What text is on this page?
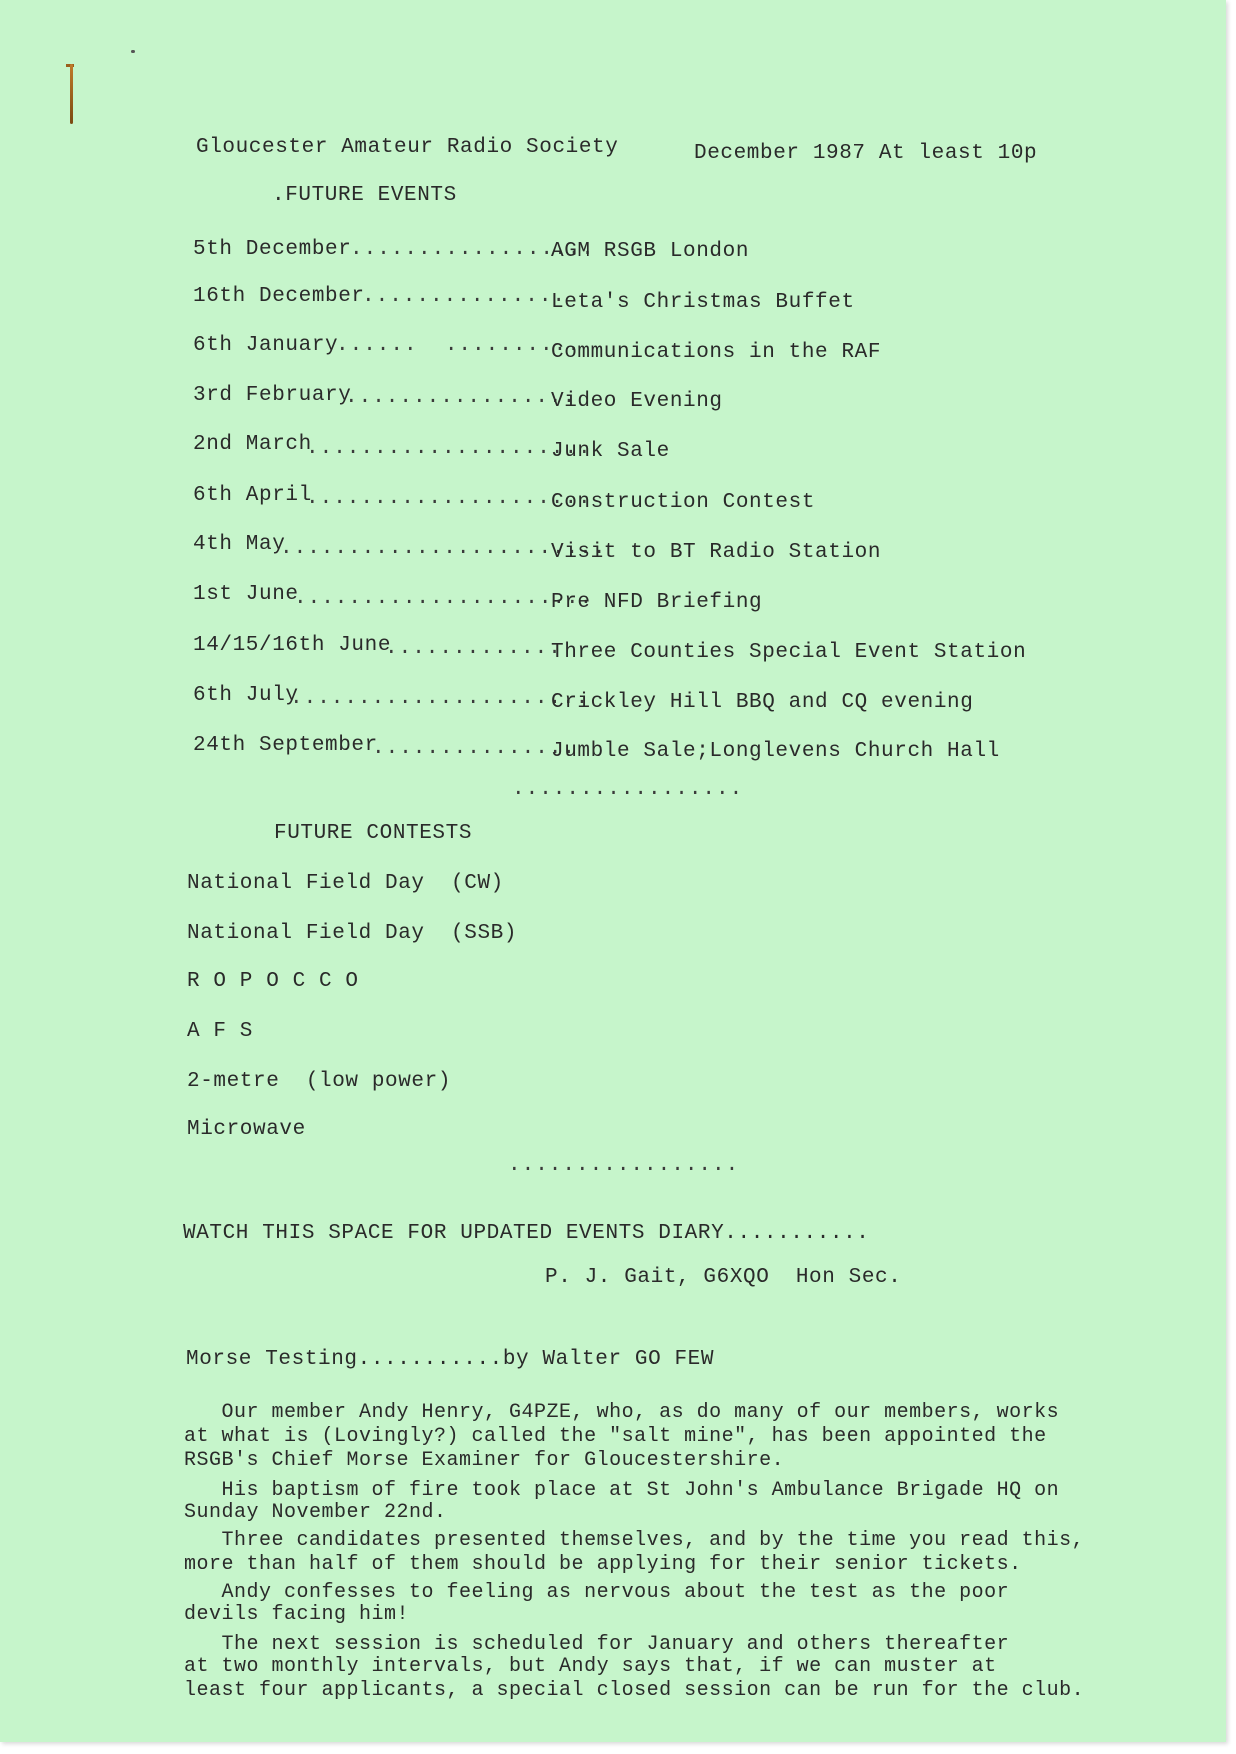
Gloucester Amateur Radio Society	December 1987 At least 10p
.FUTURE EVENTS
5th December
..................
AGM RSGB London
16th December
...............
Leta's Christmas Buffet
6th January
......  ..........
Communications in the RAF
3rd February
.................
Video Evening
2nd March
.....................
Junk Sale
6th April
.....................
Construction Contest
4th May
........................
Visit to BT Radio Station
1st June
......................
Pre NFD Briefing
14/15/16th June
.............
Three Counties Special Event Station
6th July
......................
Crickley Hill BBQ and CQ evening
24th September
...............
Jumble Sale;Longlevens Church Hall
.................
FUTURE CONTESTS
National Field Day  (CW)
National Field Day  (SSB)
R O P O C C O
A F S
2-metre  (low power)
Microwave
.................
WATCH THIS SPACE FOR UPDATED EVENTS DIARY...........
P. J. Gait, G6XQO  Hon Sec.
Morse Testing...........by Walter GO FEW
Our member Andy Henry, G4PZE, who, as do many of our members, works
at what is (Lovingly?) called the "salt mine", has been appointed the
RSGB's Chief Morse Examiner for Gloucestershire.
His baptism of fire took place at St John's Ambulance Brigade HQ on
Sunday November 22nd.
Three candidates presented themselves, and by the time you read this,
more than half of them should be applying for their senior tickets.
Andy confesses to feeling as nervous about the test as the poor
devils facing him!
The next session is scheduled for January and others thereafter
at two monthly intervals, but Andy says that, if we can muster at
least four applicants, a special closed session can be run for the club.
